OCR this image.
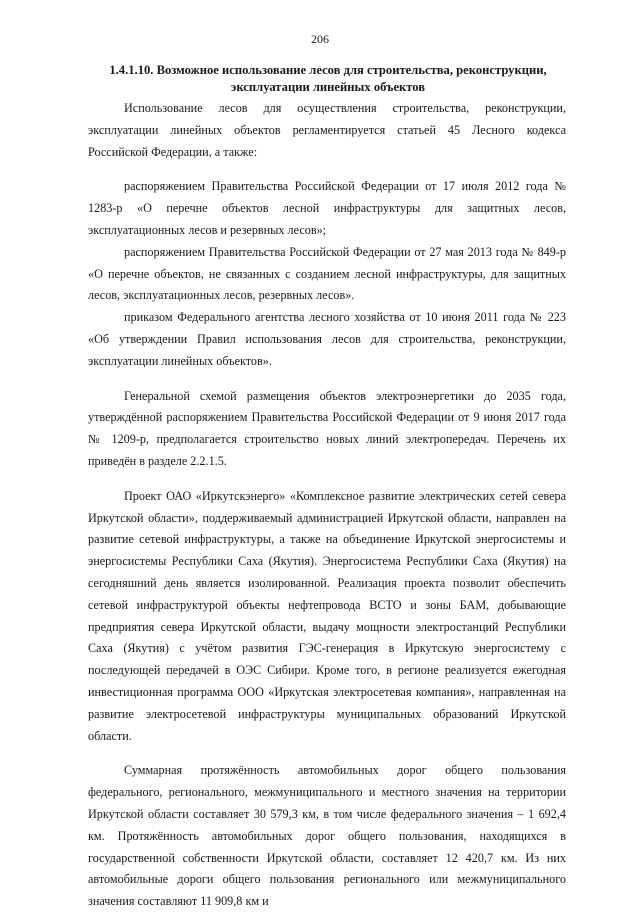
206
1.4.1.10. Возможное использование лесов для строительства, реконструкции, эксплуатации линейных объектов

Использование лесов для осуществления строительства, реконструкции, эксплуатации линейных объектов регламентируется статьей 45 Лесного кодекса Российской Федерации, а также:

распоряжением Правительства Российской Федерации от 17 июля 2012 года № 1283-р «О перечне объектов лесной инфраструктуры для защитных лесов, эксплуатационных лесов и резервных лесов»;

распоряжением Правительства Российской Федерации от 27 мая 2013 года № 849-р «О перечне объектов, не связанных с созданием лесной инфраструктуры, для защитных лесов, эксплуатационных лесов, резервных лесов».

приказом Федерального агентства лесного хозяйства от 10 июня 2011 года № 223 «Об утверждении Правил использования лесов для строительства, реконструкции, эксплуатации линейных объектов».

Генеральной схемой размещения объектов электроэнергетики до 2035 года, утверждённой распоряжением Правительства Российской Федерации от 9 июня 2017 года № 1209-р, предполагается строительство новых линий электропередач. Перечень их приведён в разделе 2.2.1.5.

Проект ОАО «Иркутскэнерго» «Комплексное развитие электрических сетей севера Иркутской области», поддерживаемый администрацией Иркутской области, направлен на развитие сетевой инфраструктуры, а также на объединение Иркутской энергосистемы и энергосистемы Республики Саха (Якутия). Энергосистема Республики Саха (Якутия) на сегодняшний день является изолированной. Реализация проекта позволит обеспечить сетевой инфраструктурой объекты нефтепровода ВСТО и зоны БАМ, добывающие предприятия севера Иркутской области, выдачу мощности электростанций Республики Саха (Якутия) с учётом развития ГЭС-генерация в Иркутскую энергосистему с последующей передачей в ОЭС Сибири. Кроме того, в регионе реализуется ежегодная инвестиционная программа ООО «Иркутская электросетевая компания», направленная на развитие электросетевой инфраструктуры муниципальных образований Иркутской области.

Суммарная протяжённость автомобильных дорог общего пользования федерального, регионального, межмуниципального и местного значения на территории Иркутской области составляет 30 579,3 км, в том числе федерального значения – 1 692,4 км. Протяжённость автомобильных дорог общего пользования, находящихся в государственной собственности Иркутской области, составляет 12 420,7 км. Из них автомобильные дороги общего пользования регионального или межмуниципального значения составляют 11 909,8 км и
